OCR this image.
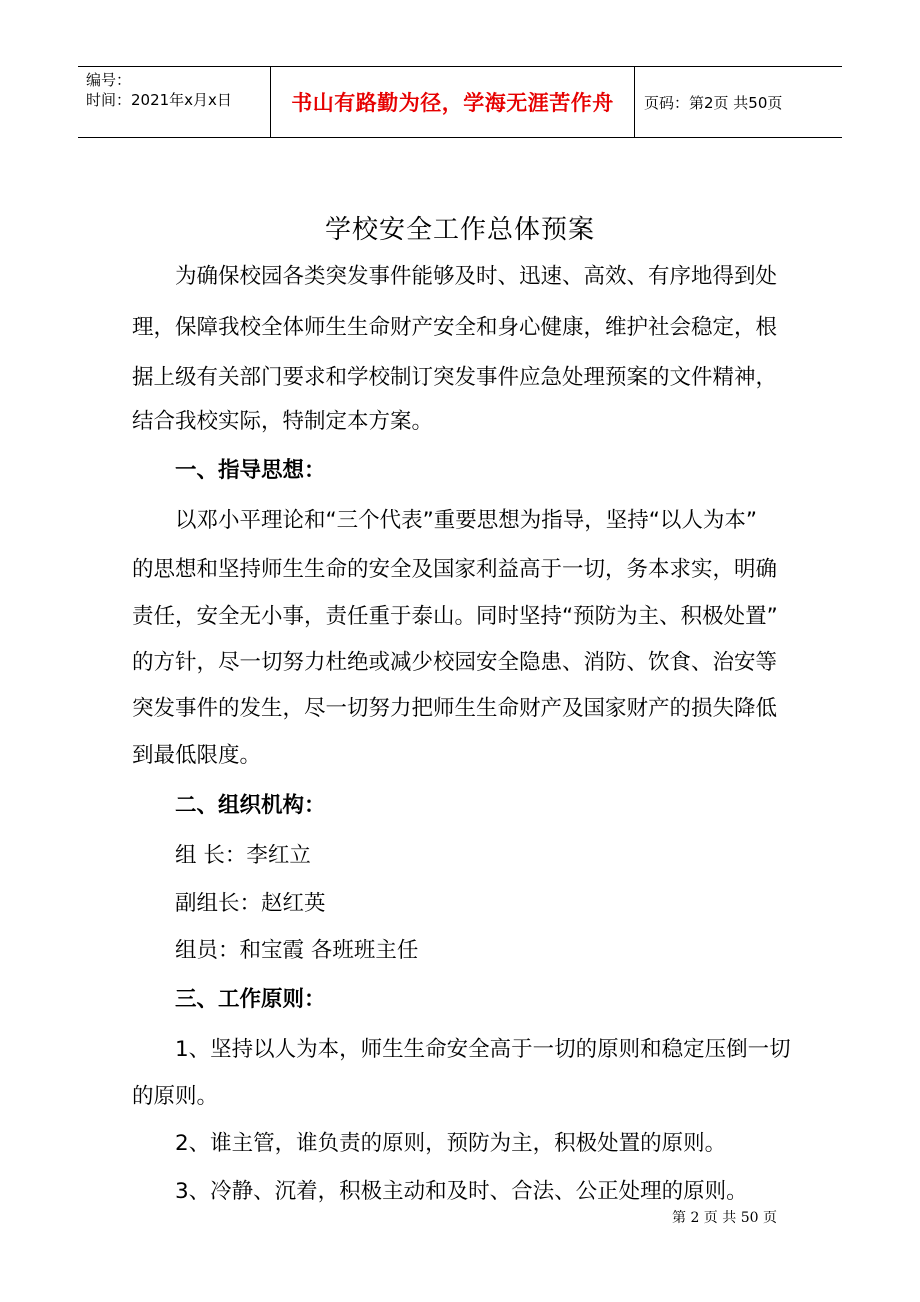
编号：
时间：2021年x月x日	书山有路勤为径，学海无涯苦作舟	页码：第2页 共50页
学校安全工作总体预案
为确保校园各类突发事件能够及时、迅速、高效、有序地得到处
理，保障我校全体师生生命财产安全和身心健康，维护社会稳定，根
据上级有关部门要求和学校制订突发事件应急处理预案的文件精神，
结合我校实际，特制定本方案。
一、指导思想：
以邓小平理论和“三个代表”重要思想为指导，坚持“以人为本”
的思想和坚持师生生命的安全及国家利益高于一切，务本求实，明确
责任，安全无小事，责任重于泰山。同时坚持“预防为主、积极处置”
的方针，尽一切努力杜绝或减少校园安全隐患、消防、饮食、治安等
突发事件的发生，尽一切努力把师生生命财产及国家财产的损失降低
到最低限度。
二、组织机构：
组 长：李红立
副组长：赵红英
组员：和宝霞 各班班主任
三、工作原则：
1、坚持以人为本，师生生命安全高于一切的原则和稳定压倒一切
的原则。
2、谁主管，谁负责的原则，预防为主，积极处置的原则。
3、冷静、沉着，积极主动和及时、合法、公正处理的原则。
第 2 页 共 50 页
